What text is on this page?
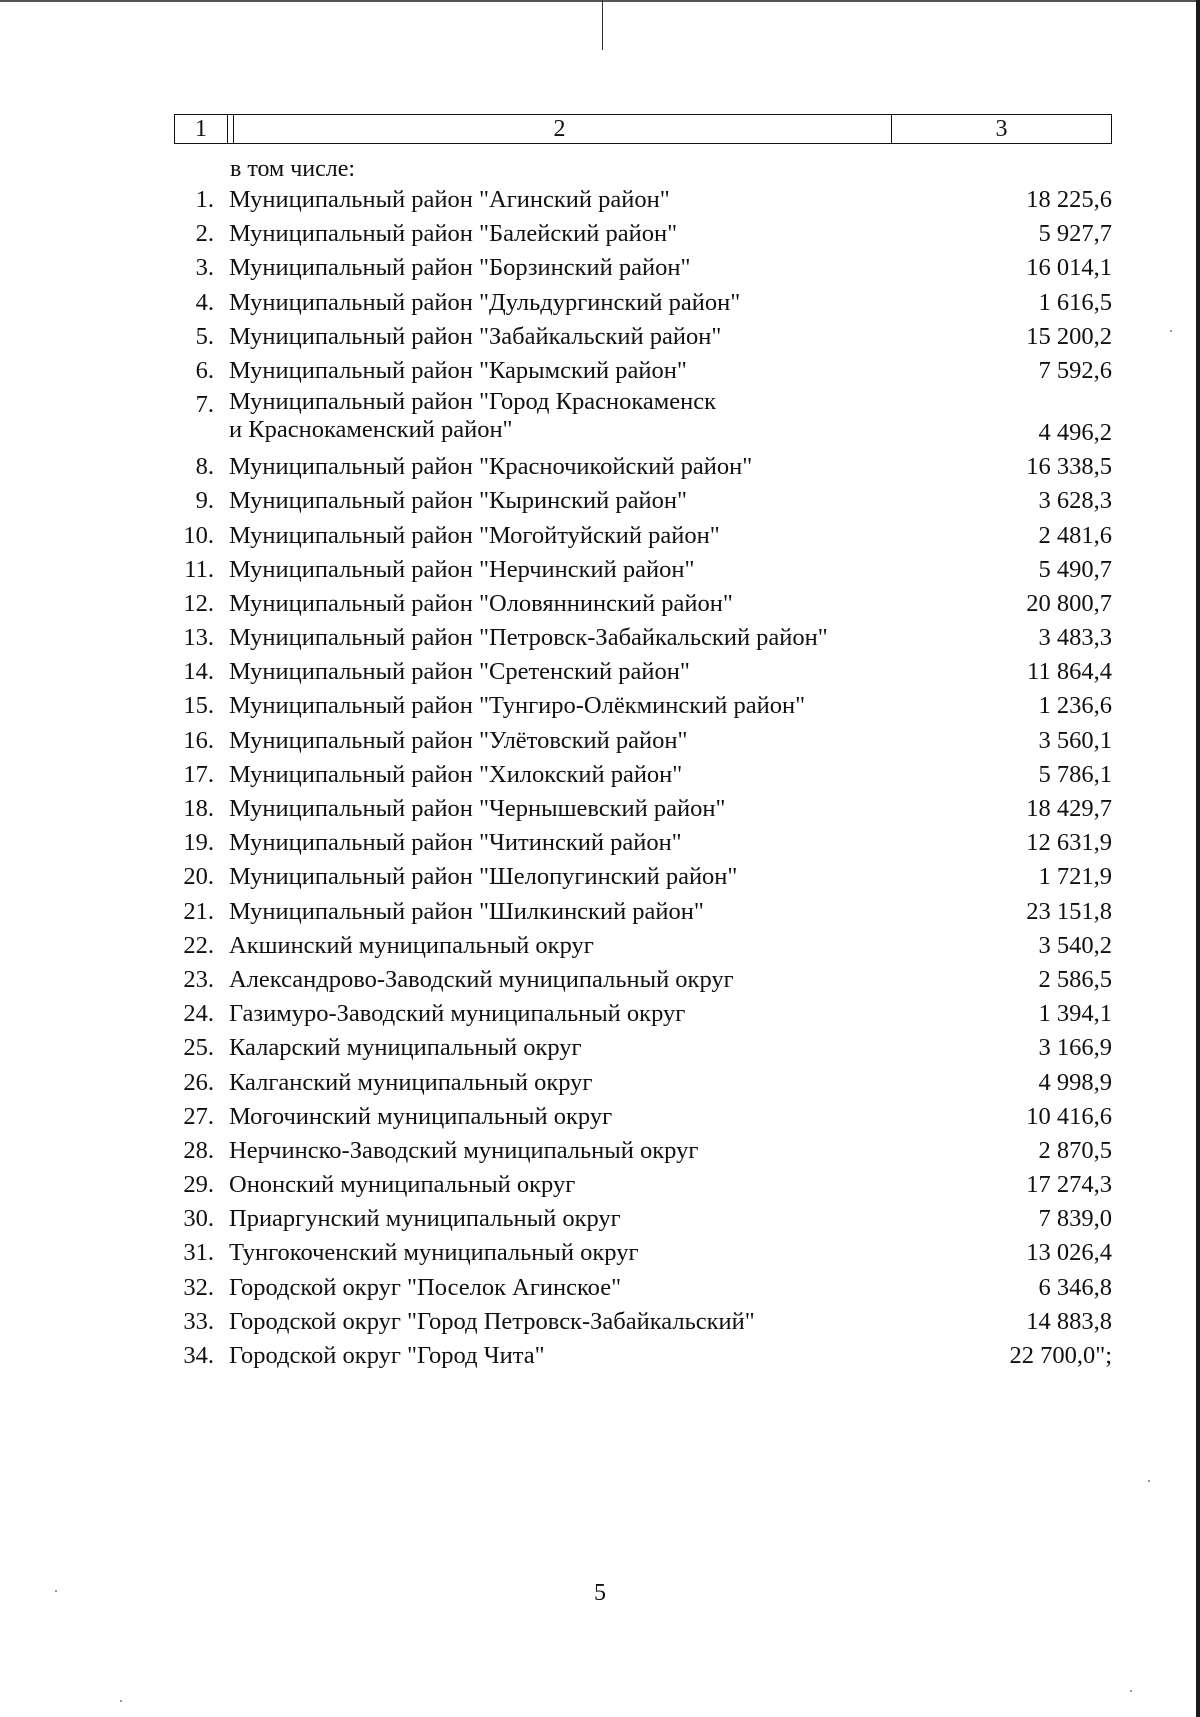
1	2	3
в том числе:
1. Муниципальный район "Агинский район"	18 225,6
2. Муниципальный район "Балейский район"	5 927,7
3. Муниципальный район "Борзинский район"	16 014,1
4. Муниципальный район "Дульдургинский район"	1 616,5
5. Муниципальный район "Забайкальский район"	15 200,2
6. Муниципальный район "Карымский район"	7 592,6
7. Муниципальный район "Город Краснокаменск
и Краснокаменский район"	4 496,2
8. Муниципальный район "Красночикойский район"	16 338,5
9. Муниципальный район "Кыринский район"	3 628,3
10. Муниципальный район "Могойтуйский район"	2 481,6
11. Муниципальный район "Нерчинский район"	5 490,7
12. Муниципальный район "Оловяннинский район"	20 800,7
13. Муниципальный район "Петровск-Забайкальский район"	3 483,3
14. Муниципальный район "Сретенский район"	11 864,4
15. Муниципальный район "Тунгиро-Олёкминский район"	1 236,6
16. Муниципальный район "Улётовский район"	3 560,1
17. Муниципальный район "Хилокский район"	5 786,1
18. Муниципальный район "Чернышевский район"	18 429,7
19. Муниципальный район "Читинский район"	12 631,9
20. Муниципальный район "Шелопугинский район"	1 721,9
21. Муниципальный район "Шилкинский район"	23 151,8
22. Акшинский муниципальный округ	3 540,2
23. Александрово-Заводский муниципальный округ	2 586,5
24. Газимуро-Заводский муниципальный округ	1 394,1
25. Каларский муниципальный округ	3 166,9
26. Калганский муниципальный округ	4 998,9
27. Могочинский муниципальный округ	10 416,6
28. Нерчинско-Заводский муниципальный округ	2 870,5
29. Ононский муниципальный округ	17 274,3
30. Приаргунский муниципальный округ	7 839,0
31. Тунгокоченский муниципальный округ	13 026,4
32. Городской округ "Поселок Агинское"	6 346,8
33. Городской округ "Город Петровск-Забайкальский"	14 883,8
34. Городской округ "Город Чита"	22 700,0";
5
